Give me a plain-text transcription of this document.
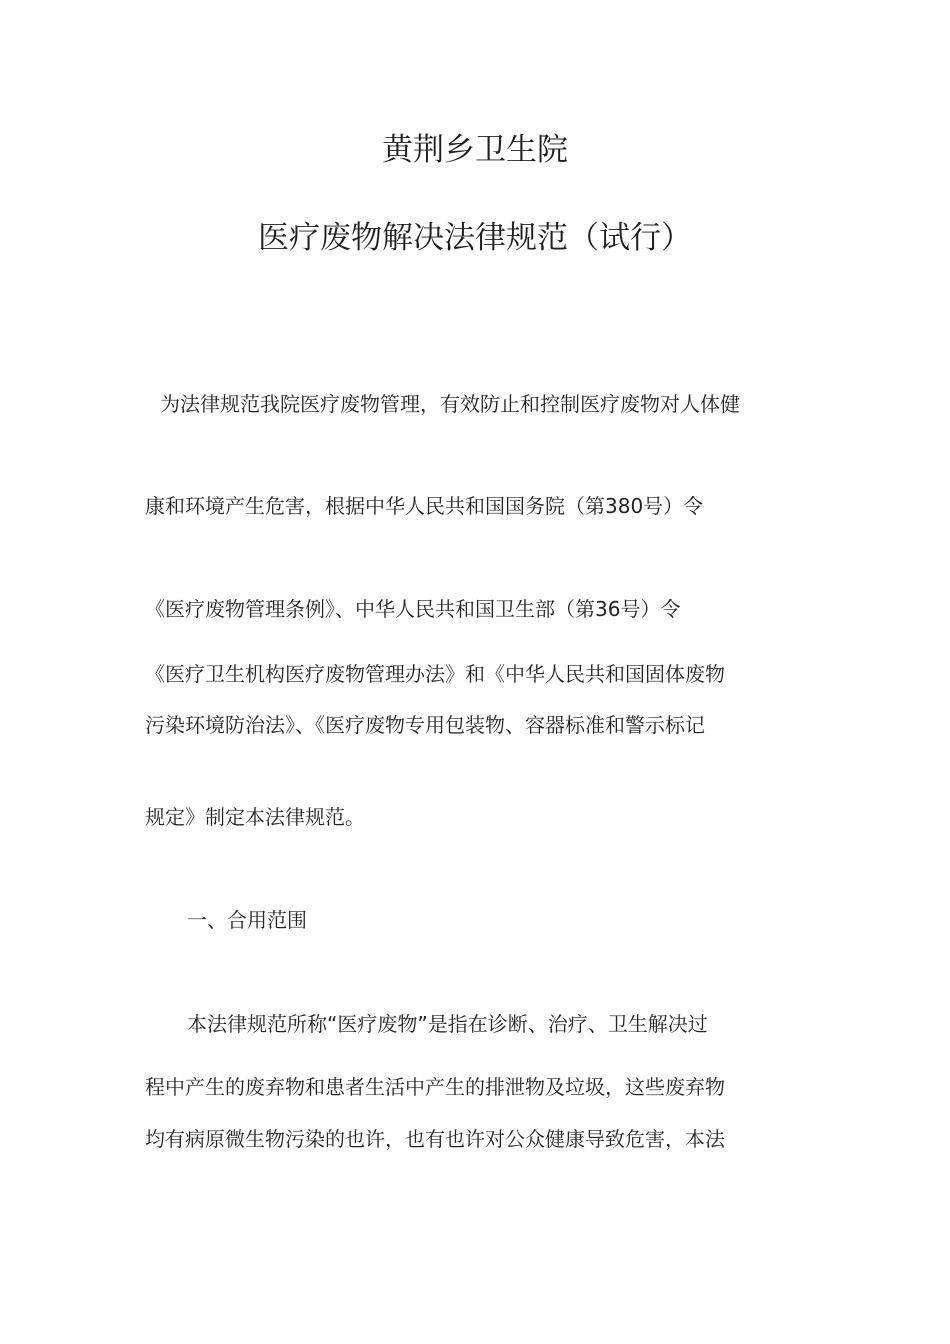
黄荆乡卫生院
医疗废物解决法律规范（试行）
为法律规范我院医疗废物管理，有效防止和控制医疗废物对人体健
康和环境产生危害，根据中华人民共和国国务院（第380号）令
《医疗废物管理条例》、中华人民共和国卫生部（第36号）令
《医疗卫生机构医疗废物管理办法》和《中华人民共和国固体废物
污染环境防治法》、《医疗废物专用包装物、容器标准和警示标记
规定》制定本法律规范。
一、合用范围
本法律规范所称“医疗废物”是指在诊断、治疗、卫生解决过
程中产生的废弃物和患者生活中产生的排泄物及垃圾，这些废弃物
均有病原微生物污染的也许，也有也许对公众健康导致危害，本法
